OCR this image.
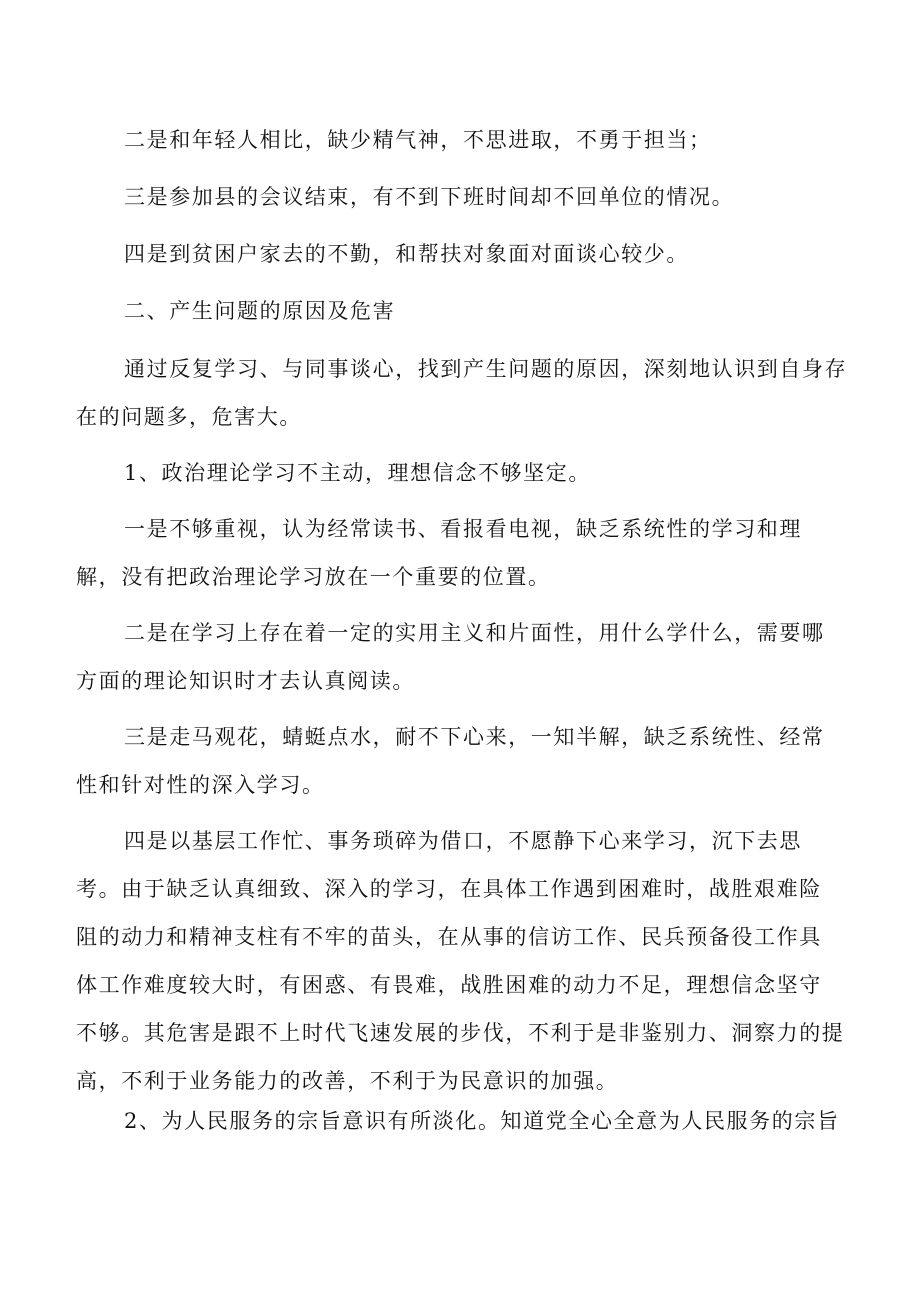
二是和年轻人相比，缺少精气神，不思进取，不勇于担当；

三是参加县的会议结束，有不到下班时间却不回单位的情况。

四是到贫困户家去的不勤，和帮扶对象面对面谈心较少。

二、产生问题的原因及危害

通过反复学习、与同事谈心，找到产生问题的原因，深刻地认识到自身存
在的问题多，危害大。

1、政治理论学习不主动，理想信念不够坚定。

一是不够重视，认为经常读书、看报看电视，缺乏系统性的学习和理
解，没有把政治理论学习放在一个重要的位置。

二是在学习上存在着一定的实用主义和片面性，用什么学什么，需要哪
方面的理论知识时才去认真阅读。

三是走马观花，蜻蜓点水，耐不下心来，一知半解，缺乏系统性、经常
性和针对性的深入学习。

四是以基层工作忙、事务琐碎为借口，不愿静下心来学习，沉下去思
考。由于缺乏认真细致、深入的学习，在具体工作遇到困难时，战胜艰难险
阻的动力和精神支柱有不牢的苗头，在从事的信访工作、民兵预备役工作具
体工作难度较大时，有困惑、有畏难，战胜困难的动力不足，理想信念坚守
不够。其危害是跟不上时代飞速发展的步伐，不利于是非鉴别力、洞察力的提
高，不利于业务能力的改善，不利于为民意识的加强。

2、为人民服务的宗旨意识有所淡化。知道党全心全意为人民服务的宗旨
